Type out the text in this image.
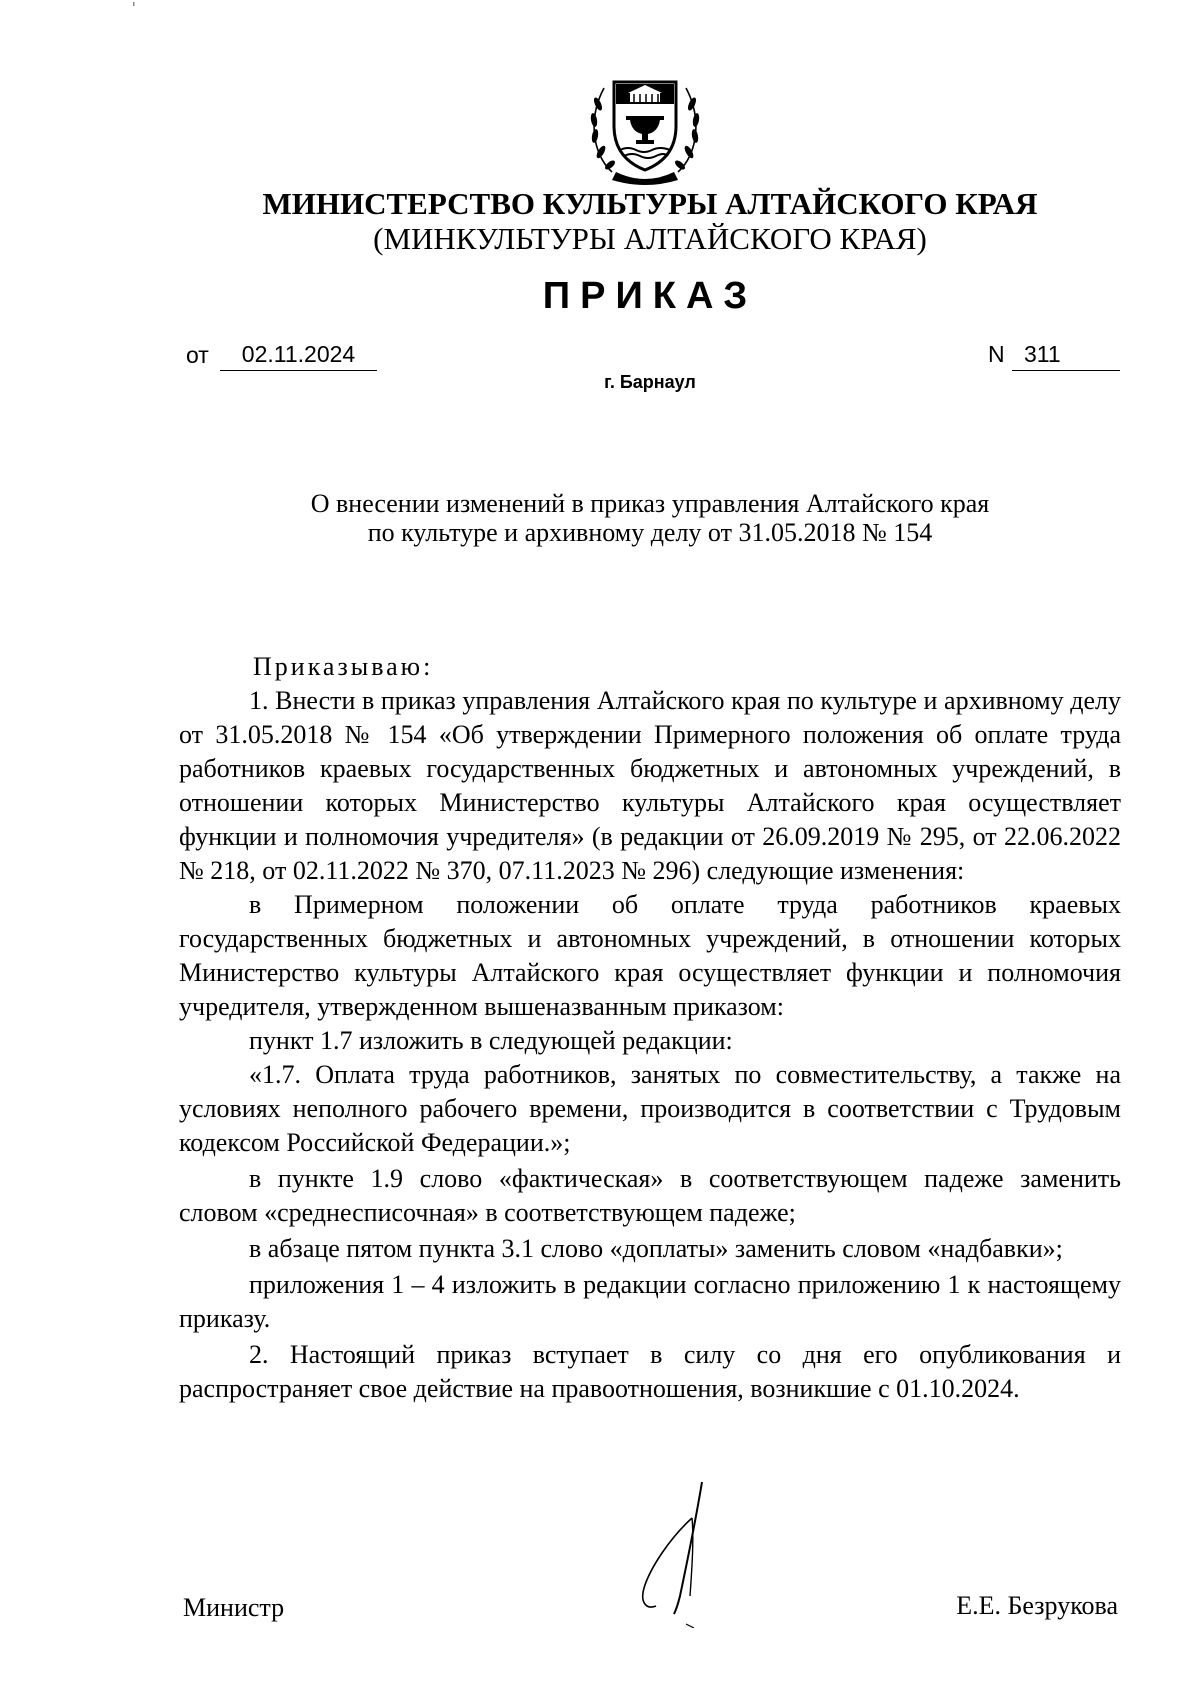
МИНИСТЕРСТВО КУЛЬТУРЫ АЛТАЙСКОГО КРАЯ
(МИНКУЛЬТУРЫ АЛТАЙСКОГО КРАЯ)
ПРИКАЗ
от	02.11.2024	N 311
г. Барнаул
О внесении изменений в приказ управления Алтайского края
по культуре и архивному делу от 31.05.2018 № 154

Приказываю:

1. Внести в приказ управления Алтайского края по культуре и архивному делу от 31.05.2018 № 154 «Об утверждении Примерного положения об оплате труда работников краевых государственных бюджетных и автономных учреждений, в отношении которых Министерство культуры Алтайского края осуществляет функции и полномочия учредителя» (в редакции от 26.09.2019 № 295, от 22.06.2022 № 218, от 02.11.2022 № 370, 07.11.2023 № 296) следующие изменения:

в Примерном положении об оплате труда работников краевых государственных бюджетных и автономных учреждений, в отношении которых Министерство культуры Алтайского края осуществляет функции и полномочия учредителя, утвержденном вышеназванным приказом:

пункт 1.7 изложить в следующей редакции:

«1.7. Оплата труда работников, занятых по совместительству, а также на условиях неполного рабочего времени, производится в соответствии с Трудовым кодексом Российской Федерации.»;

в пункте 1.9 слово «фактическая» в соответствующем падеже заменить словом «среднесписочная» в соответствующем падеже;

в абзаце пятом пункта 3.1 слово «доплаты» заменить словом «надбавки»;

приложения 1 – 4 изложить в редакции согласно приложению 1 к настоящему приказу.

2. Настоящий приказ вступает в силу со дня его опубликования и распространяет свое действие на правоотношения, возникшие с 01.10.2024.

Министр	Е.Е. Безрукова
